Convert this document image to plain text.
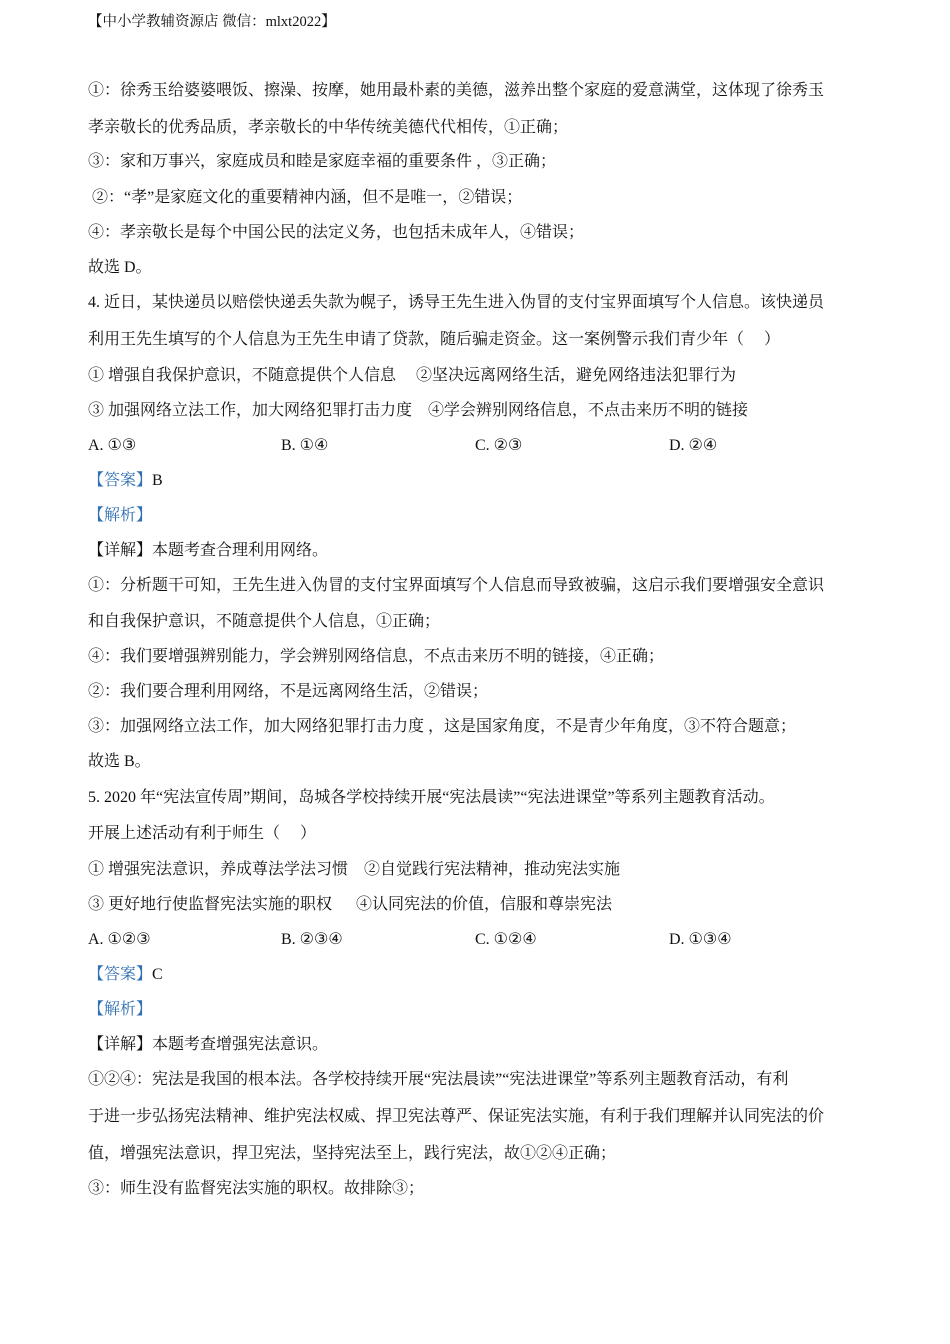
【中小学教辅资源店 微信：mlxt2022】
①：徐秀玉给婆婆喂饭、擦澡、按摩，她用最朴素的美德，滋养出整个家庭的爱意满堂，这体现了徐秀玉
孝亲敬长的优秀品质，孝亲敬长的中华传统美德代代相传，①正确；
③：家和万事兴，家庭成员和睦是家庭幸福的重要条件 ，③正确；
②：“孝”是家庭文化的重要精神内涵，但不是唯一，②错误；
④：孝亲敬长是每个中国公民的法定义务，也包括未成年人，④错误；
故选 D。
4. 近日，某快递员以赔偿快递丢失款为幌子，诱导王先生进入伪冒的支付宝界面填写个人信息。该快递员
利用王先生填写的个人信息为王先生申请了贷款，随后骗走资金。这一案例警示我们青少年（     ）
① 增强自我保护意识，不随意提供个人信息     ②坚决远离网络生活，避免网络违法犯罪行为
③ 加强网络立法工作，加大网络犯罪打击力度    ④学会辨别网络信息，不点击来历不明的链接
A. ①③	B. ①④	C. ②③	D. ②④
【答案】B
【解析】
【详解】本题考查合理利用网络。
①：分析题干可知，王先生进入伪冒的支付宝界面填写个人信息而导致被骗，这启示我们要增强安全意识
和自我保护意识，不随意提供个人信息，①正确；
④：我们要增强辨别能力，学会辨别网络信息，不点击来历不明的链接，④正确；
②：我们要合理利用网络，不是远离网络生活，②错误；
③：加强网络立法工作，加大网络犯罪打击力度 ，这是国家角度，不是青少年角度，③不符合题意；
故选 B。
5. 2020 年“宪法宣传周”期间，岛城各学校持续开展“宪法晨读”“宪法进课堂”等系列主题教育活动。
开展上述活动有利于师生（     ）
① 增强宪法意识，养成尊法学法习惯    ②自觉践行宪法精神，推动宪法实施
③ 更好地行使监督宪法实施的职权      ④认同宪法的价值，信服和尊崇宪法
A. ①②③	B. ②③④	C. ①②④	D. ①③④
【答案】C
【解析】
【详解】本题考查增强宪法意识。
①②④：宪法是我国的根本法。各学校持续开展“宪法晨读”“宪法进课堂”等系列主题教育活动，有利
于进一步弘扬宪法精神、维护宪法权威、捍卫宪法尊严、保证宪法实施，有利于我们理解并认同宪法的价
值，增强宪法意识，捍卫宪法，坚持宪法至上，践行宪法，故①②④正确；
③：师生没有监督宪法实施的职权。故排除③；
